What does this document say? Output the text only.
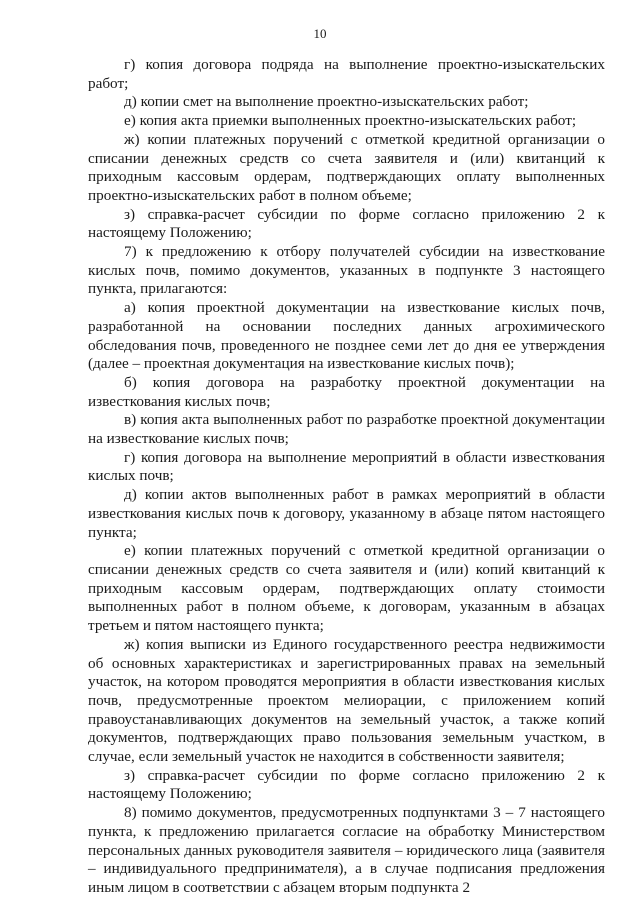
10

г) копия договора подряда на выполнение проектно-изыскательских работ;

д) копии смет на выполнение проектно-изыскательских работ;

е) копия акта приемки выполненных проектно-изыскательских работ;

ж) копии платежных поручений с отметкой кредитной организации о списании денежных средств со счета заявителя и (или) квитанций к приходным кассовым ордерам, подтверждающих оплату выполненных проектно-изыскательских работ в полном объеме;

з) справка-расчет субсидии по форме согласно приложению 2 к настоящему Положению;

7) к предложению к отбору получателей субсидии на известкование кислых почв, помимо документов, указанных в подпункте 3 настоящего пункта, прилагаются:

а) копия проектной документации на известкование кислых почв, разработанной на основании последних данных агрохимического обследования почв, проведенного не позднее семи лет до дня ее утверждения (далее – проектная документация на известкование кислых почв);

б) копия договора на разработку проектной документации на известкования кислых почв;

в) копия акта выполненных работ по разработке проектной документации на известкование кислых почв;

г) копия договора на выполнение мероприятий в области известкования кислых почв;

д) копии актов выполненных работ в рамках мероприятий в области известкования кислых почв к договору, указанному в абзаце пятом настоящего пункта;

е) копии платежных поручений с отметкой кредитной организации о списании денежных средств со счета заявителя и (или) копий квитанций к приходным кассовым ордерам, подтверждающих оплату стоимости выполненных работ в полном объеме, к договорам, указанным в абзацах третьем и пятом настоящего пункта;

ж) копия выписки из Единого государственного реестра недвижимости об основных характеристиках и зарегистрированных правах на земельный участок, на котором проводятся мероприятия в области известкования кислых почв, предусмотренные проектом мелиорации, с приложением копий правоустанавливающих документов на земельный участок, а также копий документов, подтверждающих право пользования земельным участком, в случае, если земельный участок не находится в собственности заявителя;

з) справка-расчет субсидии по форме согласно приложению 2 к настоящему Положению;

8) помимо документов, предусмотренных подпунктами 3 – 7 настоящего пункта, к предложению прилагается согласие на обработку Министерством персональных данных руководителя заявителя – юридического лица (заявителя – индивидуального предпринимателя), а в случае подписания предложения иным лицом в соответствии с абзацем вторым подпункта 2
